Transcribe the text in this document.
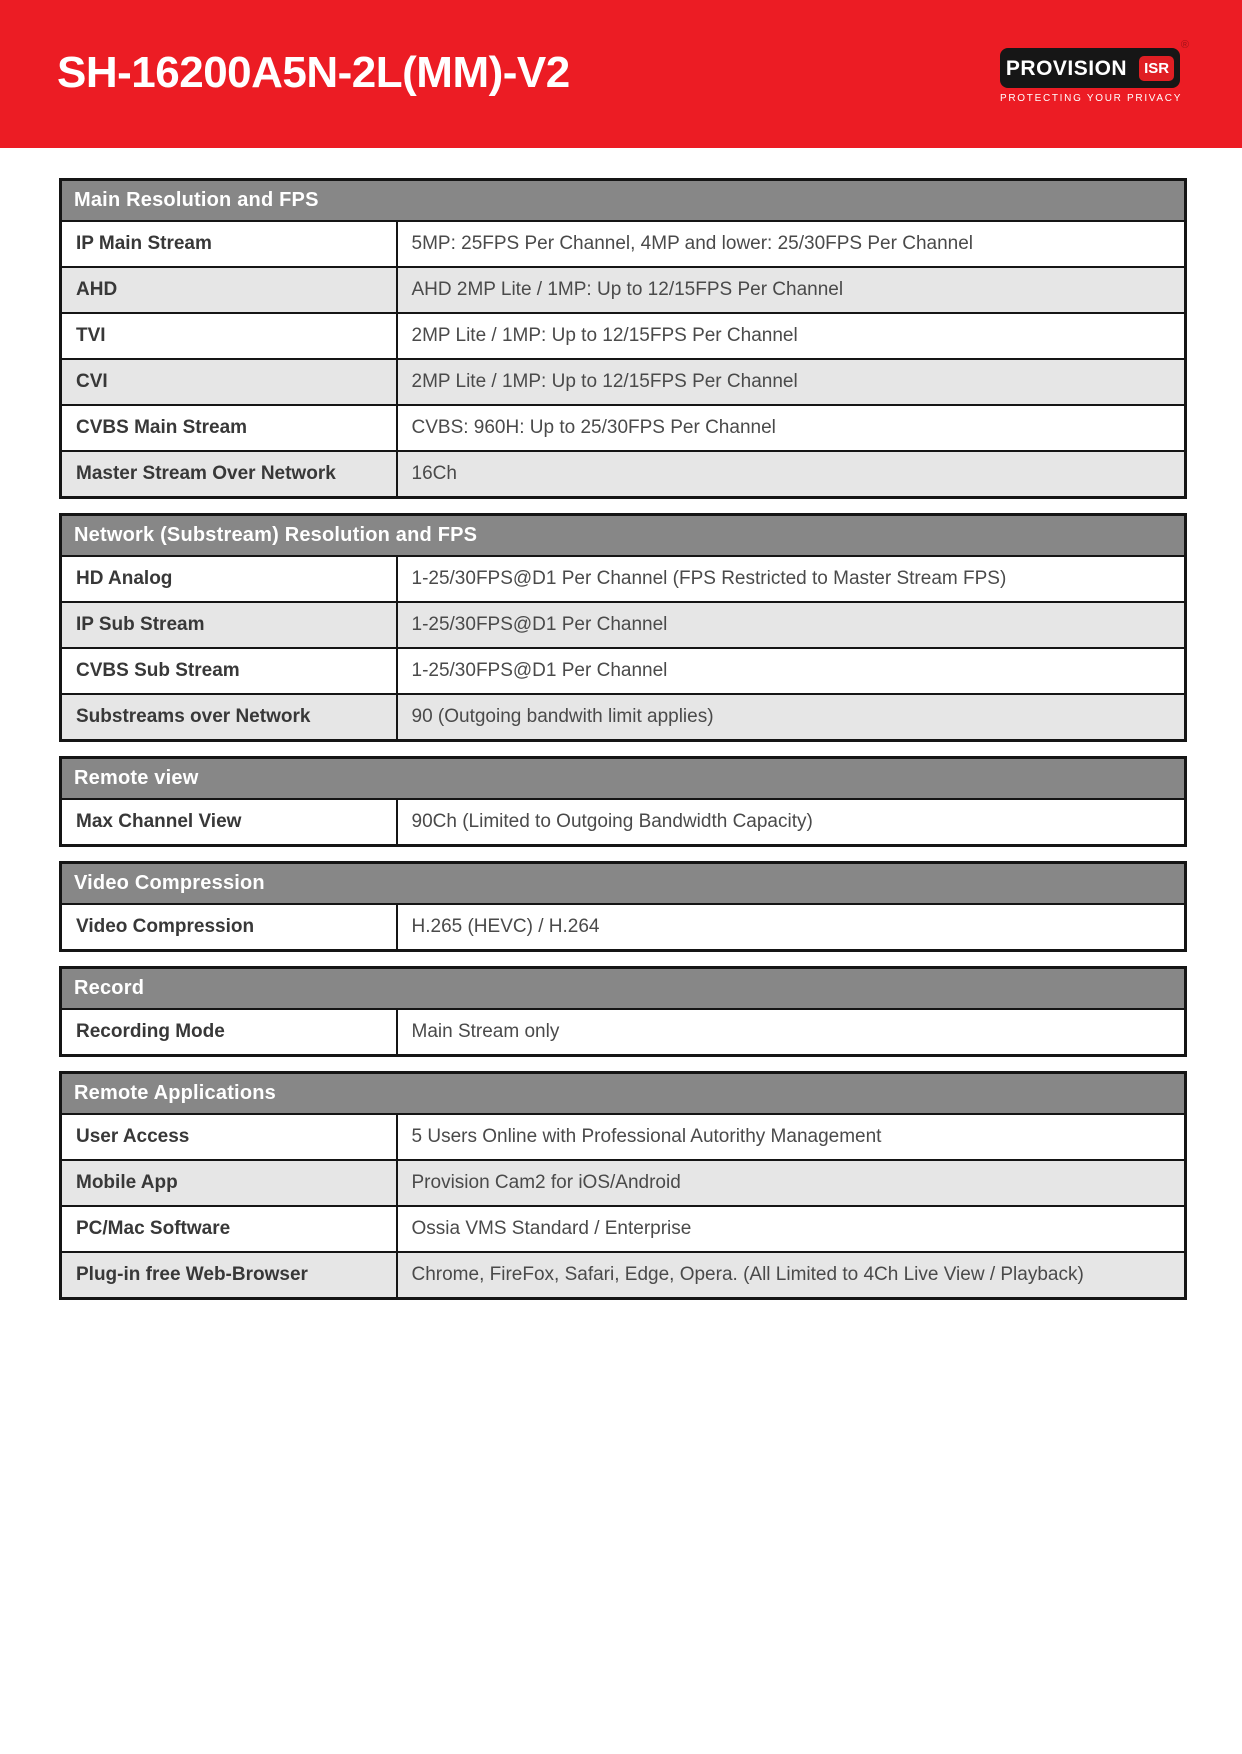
SH-16200A5N-2L(MM)-V2	PROVISION	ISR
®
PROTECTING YOUR PRIVACY
Main Resolution and FPS	
IP Main Stream	5MP: 25FPS Per Channel, 4MP and lower: 25/30FPS Per Channel
AHD	AHD 2MP Lite / 1MP: Up to 12/15FPS Per Channel
TVI	2MP Lite / 1MP: Up to 12/15FPS Per Channel
CVI	2MP Lite / 1MP: Up to 12/15FPS Per Channel
CVBS Main Stream	CVBS: 960H: Up to 25/30FPS Per Channel
Master Stream Over Network	16Ch
Network (Substream) Resolution and FPS	
HD Analog	1-25/30FPS@D1 Per Channel (FPS Restricted to Master Stream FPS)
IP Sub Stream	1-25/30FPS@D1 Per Channel
CVBS Sub Stream	1-25/30FPS@D1 Per Channel
Substreams over Network	90 (Outgoing bandwith limit applies)
Remote view
Max Channel View	90Ch (Limited to Outgoing Bandwidth Capacity)
Video Compression
Video Compression	H.265 (HEVC) / H.264
Record
Recording Mode	Main Stream only
Remote Applications	
User Access	5 Users Online with Professional Autorithy Management
Mobile App	Provision Cam2 for iOS/Android
PC/Mac Software	Ossia VMS Standard / Enterprise
Plug-in free Web-Browser	Chrome, FireFox, Safari, Edge, Opera. (All Limited to 4Ch Live View / Playback)
